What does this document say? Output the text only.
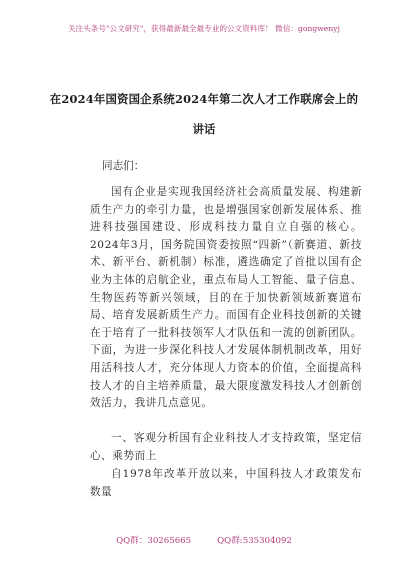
关注头条号"公文研究"，获得最新最全最专业的公文资料库！ 微信：gongwenyj
在2024年国资国企系统2024年第二次人才工作联席会上的
讲话
同志们：
国有企业是实现我国经济社会高质量发展、构建新质生产力的牵引力量，也是增强国家创新发展体系、推进科技强国建设、形成科技力量自立自强的核心。2024年3月，国务院国资委按照“四新”（新赛道、新技术、新平台、新机制）标准，遴选确定了首批以国有企业为主体的启航企业，重点布局人工智能、量子信息、生物医药等新兴领域，目的在于加快新领域新赛道布局、培育发展新质生产力。而国有企业科技创新的关键在于培育了一批科技领军人才队伍和一流的创新团队。下面，为进一步深化科技人才发展体制机制改革，用好用活科技人才，充分体现人力资本的价值，全面提高科技人才的自主培养质量，最大限度激发科技人才创新创效活力，我讲几点意见。
一、客观分析国有企业科技人才支持政策，坚定信心、乘势而上
自1978年改革开放以来，中国科技人才政策发布数量
QQ群：30265665	QQ群:535304092
